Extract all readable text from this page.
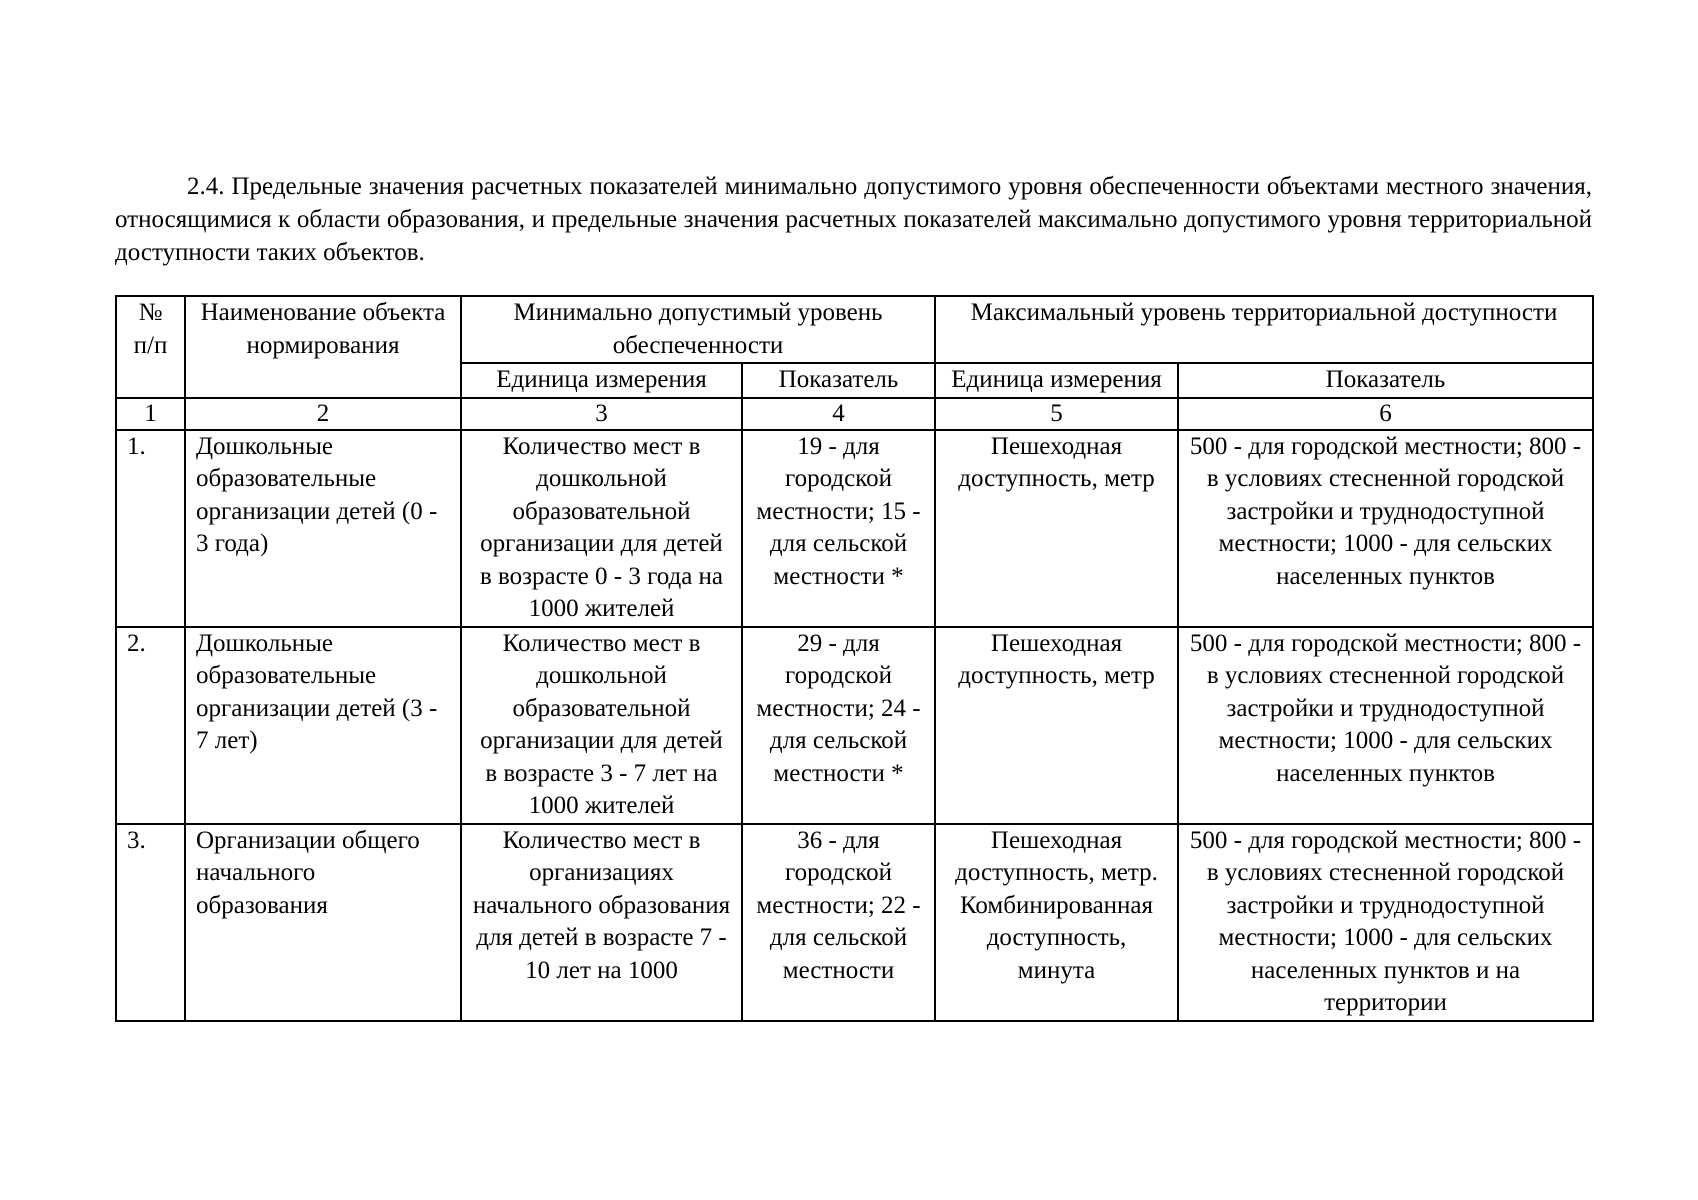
2.4. Предельные значения расчетных показателей минимально допустимого уровня обеспеченности объектами местного значения, относящимися к области образования, и предельные значения расчетных показателей максимально допустимого уровня территориальной доступности таких объектов.

№ п/п	Наименование объекта нормирования	Минимально допустимый уровень обеспеченности		Максимальный уровень территориальной доступности	
		Единица измерения	Показатель	Единица измерения	Показатель
1	2	3	4	5	6
1.	Дошкольные образовательные организации детей (0 - 3 года)	Количество мест в дошкольной образовательной организации для детей в возрасте 0 - 3 года на 1000 жителей	19 - для городской местности; 15 - для сельской местности *	Пешеходная доступность, метр	500 - для городской местности; 800 - в условиях стесненной городской застройки и труднодоступной местности; 1000 - для сельских населенных пунктов
2.	Дошкольные образовательные организации детей (3 - 7 лет)	Количество мест в дошкольной образовательной организации для детей в возрасте 3 - 7 лет на 1000 жителей	29 - для городской местности; 24 - для сельской местности *	Пешеходная доступность, метр	500 - для городской местности; 800 - в условиях стесненной городской застройки и труднодоступной местности; 1000 - для сельских населенных пунктов
3.	Организации общего начального образования	Количество мест в организациях начального образования для детей в возрасте 7 - 10 лет на 1000	36 - для городской местности; 22 - для сельской местности	Пешеходная доступность, метр. Комбинированная доступность, минута	500 - для городской местности; 800 - в условиях стесненной городской застройки и труднодоступной местности; 1000 - для сельских населенных пунктов и на территории
